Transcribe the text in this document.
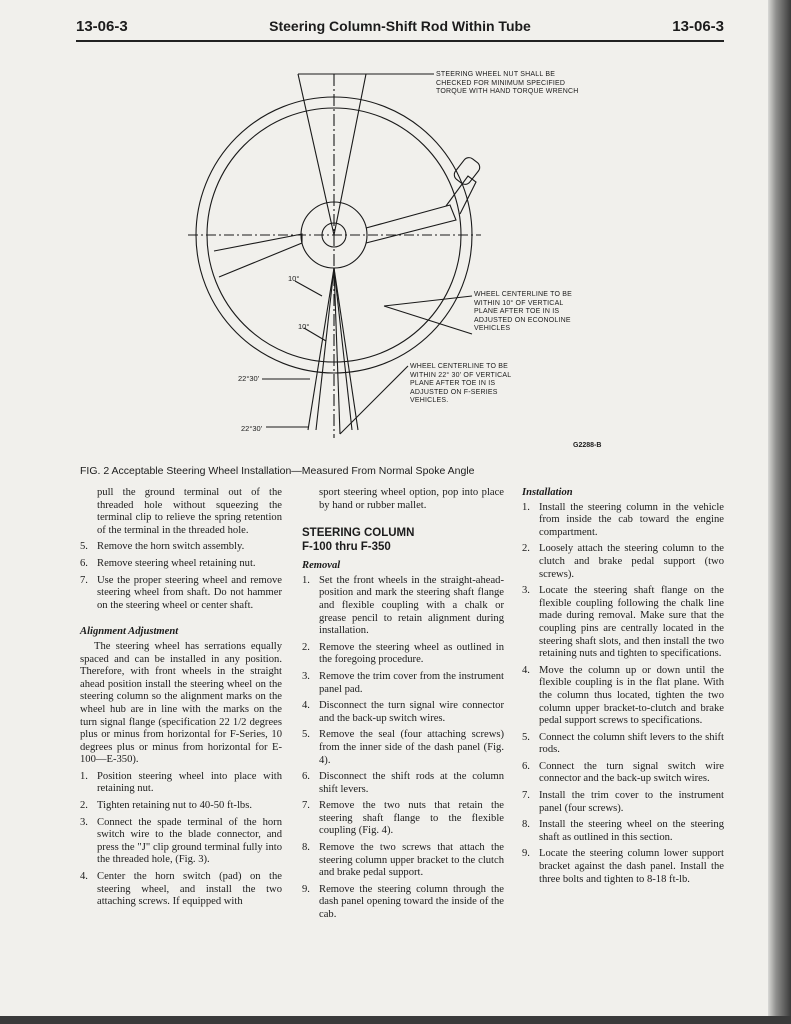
13-06-3	Steering Column-Shift Rod Within Tube	13-06-3
STEERING WHEEL NUT SHALL BE
CHECKED FOR MINIMUM SPECIFIED
TORQUE WITH HAND TORQUE WRENCH
WHEEL CENTERLINE TO BE
WITHIN 10° OF VERTICAL
PLANE AFTER TOE IN IS
ADJUSTED ON ECONOLINE
VEHICLES
WHEEL CENTERLINE TO BE
WITHIN 22° 30' OF VERTICAL
PLANE AFTER TOE IN IS
ADJUSTED ON F-SERIES
VEHICLES.
10°
10°
22°30'
22°30'
G2288-B
FIG. 2 Acceptable Steering Wheel Installation—Measured From Normal Spoke Angle

pull the ground terminal out of the threaded hole without squeezing the terminal clip to relieve the spring retention of the terminal in the threaded hole.

5. Remove the horn switch assembly.
6. Remove steering wheel retaining nut.
7. Use the proper steering wheel and remove steering wheel from shaft. Do not hammer on the steering wheel or center shaft.
Alignment Adjustment

The steering wheel has serrations equally spaced and can be installed in any position. Therefore, with front wheels in the straight ahead position install the steering wheel on the steering column so the alignment marks on the wheel hub are in line with the marks on the turn signal flange (specification 22 1/2 degrees plus or minus from horizontal for F-Series, 10 degrees plus or minus from horizontal for E-100—E-350).

1. Position steering wheel into place with retaining nut.
2. Tighten retaining nut to 40-50 ft-lbs.
3. Connect the spade terminal of the horn switch wire to the blade connector, and press the "J" clip ground terminal fully into the threaded hole, (Fig. 3).
4. Center the horn switch (pad) on the steering wheel, and install the two attaching screws. If equipped with

sport steering wheel option, pop into place by hand or rubber mallet.

STEERING COLUMN
F-100 thru F-350
Removal
1. Set the front wheels in the straight-ahead-position and mark the steering shaft flange and flexible coupling with a chalk or grease pencil to retain alignment during installation.
2. Remove the steering wheel as outlined in the foregoing procedure.
3. Remove the trim cover from the instrument panel pad.
4. Disconnect the turn signal wire connector and the back-up switch wires.
5. Remove the seal (four attaching screws) from the inner side of the dash panel (Fig. 4).
6. Disconnect the shift rods at the column shift levers.
7. Remove the two nuts that retain the steering shaft flange to the flexible coupling (Fig. 4).
8. Remove the two screws that attach the steering column upper bracket to the clutch and brake pedal support.
9. Remove the steering column through the dash panel opening toward the inside of the cab.
Installation
1. Install the steering column in the vehicle from inside the cab toward the engine compartment.
2. Loosely attach the steering column to the clutch and brake pedal support (two screws).
3. Locate the steering shaft flange on the flexible coupling following the chalk line made during removal. Make sure that the coupling pins are centrally located in the steering shaft slots, and then install the two retaining nuts and tighten to specifications.
4. Move the column up or down until the flexible coupling is in the flat plane. With the column thus located, tighten the two column upper bracket-to-clutch and brake pedal support screws to specifications.
5. Connect the column shift levers to the shift rods.
6. Connect the turn signal switch wire connector and the back-up switch wires.
7. Install the trim cover to the instrument panel (four screws).
8. Install the steering wheel on the steering shaft as outlined in this section.
9. Locate the steering column lower support bracket against the dash panel. Install the three bolts and tighten to 8-18 ft-lb.
